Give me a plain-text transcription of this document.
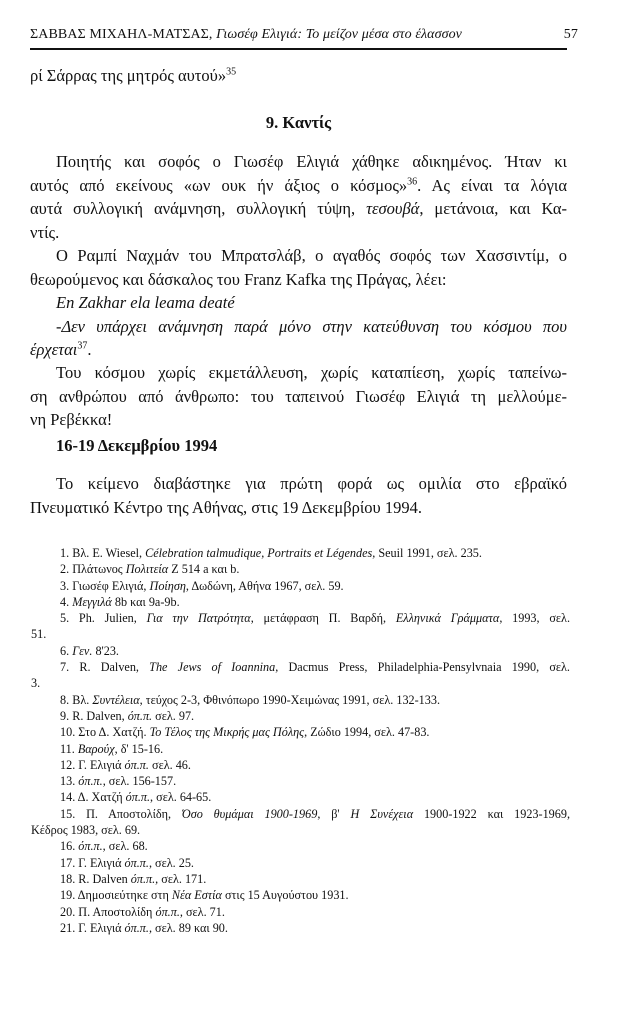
ΣΑΒΒΑΣ ΜΙΧΑΗΛ-ΜΑΤΣΑΣ, Γιωσέφ Ελιγιά: Το μείζον μέσα στο έλασσον	57
ρί Σάρρας της μητρός αυτού»$^{35}$
9. Καντίς
Ποιητής και σοφός ο Γιωσέφ Ελιγιά χάθηκε αδικημένος. Ήταν κι
αυτός από εκείνους «ων ουκ ήν άξιος ο κόσμος»$^{36}$. Ας είναι τα λόγια
αυτά συλλογική ανάμνηση, συλλογική τύψη, τεσουβά, μετάνοια, και Κα-
ντίς.
Ο Ραμπί Ναχμάν του Μπρατσλάβ, ο αγαθός σοφός των Χασσιντίμ, ο
θεωρούμενος και δάσκαλος του Franz Kafka της Πράγας, λέει:
En Zakhar ela leama deaté
-Δεν υπάρχει ανάμνηση παρά μόνο στην κατεύθυνση του κόσμου που
έρχεται$^{37}$.
Του κόσμου χωρίς εκμετάλλευση, χωρίς καταπίεση, χωρίς ταπείνω-
ση ανθρώπου από άνθρωπο: του ταπεινού Γιωσέφ Ελιγιά τη μελλούμε-
νη Ρεβέκκα!
16-19 Δεκεμβρίου 1994
Το κείμενο διαβάστηκε για πρώτη φορά ως ομιλία στο εβραϊκό
Πνευματικό Κέντρο της Αθήνας, στις 19 Δεκεμβρίου 1994.
1. Βλ. E. Wiesel, Célebration talmudique, Portraits et Légendes, Seuil 1991, σελ. 235.
2. Πλάτωνος Πολιτεία Ζ 514 a και b.
3. Γιωσέφ Ελιγιά, Ποίηση, Δωδώνη, Αθήνα 1967, σελ. 59.
4. Μεγγιλά 8b και 9a-9b.
5. Ph. Julien, Για την Πατρότητα, μετάφραση Π. Βαρδή, Ελληνικά Γράμματα, 1993, σελ.
51.
6. Γεν. 8'23.
7. R. Dalven, The Jews of Ioannina, Dacmus Press, Philadelphia-Pensylvnaia 1990, σελ.
3.
8. Βλ. Συντέλεια, τεύχος 2-3, Φθινόπωρο 1990-Χειμώνας 1991, σελ. 132-133.
9. R. Dalven, όπ.π. σελ. 97.
10. Στο Δ. Χατζή. Το Τέλος της Μικρής μας Πόλης, Ζώδιο 1994, σελ. 47-83.
11. Βαρούχ, δ' 15-16.
12. Γ. Ελιγιά όπ.π. σελ. 46.
13. όπ.π., σελ. 156-157.
14. Δ. Χατζή όπ.π., σελ. 64-65.
15. Π. Αποστολίδη, Όσο θυμάμαι 1900-1969, β' Η Συνέχεια 1900-1922 και 1923-1969,
Κέδρος 1983, σελ. 69.
16. όπ.π., σελ. 68.
17. Γ. Ελιγιά όπ.π., σελ. 25.
18. R. Dalven όπ.π., σελ. 171.
19. Δημοσιεύτηκε στη Νέα Εστία στις 15 Αυγούστου 1931.
20. Π. Αποστολίδη όπ.π., σελ. 71.
21. Γ. Ελιγιά όπ.π., σελ. 89 και 90.
